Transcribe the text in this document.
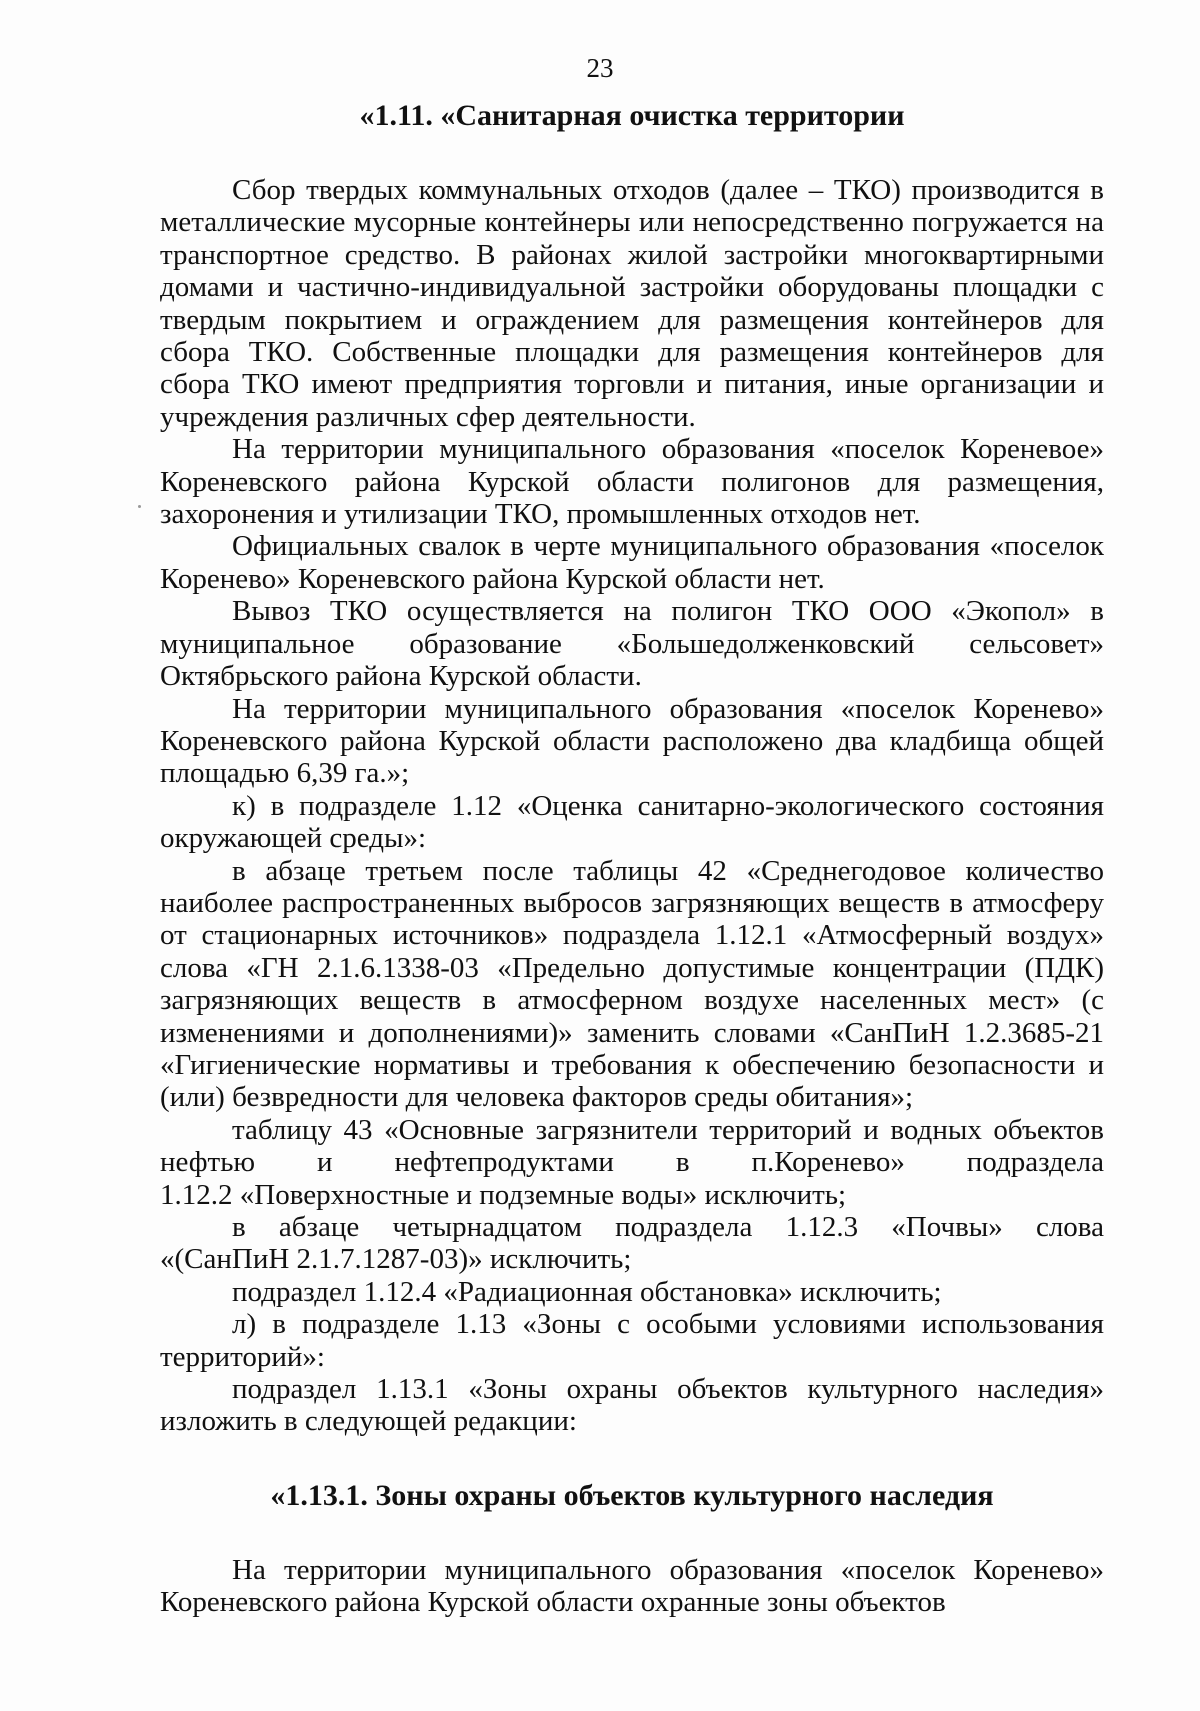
23
«1.11. «Санитарная очистка территории
Сбор твердых коммунальных отходов (далее – ТКО) производится в
металлические мусорные контейнеры или непосредственно погружается на
транспортное средство. В районах жилой застройки многоквартирными
домами и частично-индивидуальной застройки оборудованы площадки с
твердым покрытием и ограждением для размещения контейнеров для
сбора ТКО. Собственные площадки для размещения контейнеров для
сбора ТКО имеют предприятия торговли и питания, иные организации и
учреждения различных сфер деятельности.
На территории муниципального образования «поселок Кореневое»
Кореневского района Курской области полигонов для размещения,
захоронения и утилизации ТКО, промышленных отходов нет.
Официальных свалок в черте муниципального образования «поселок
Коренево» Кореневского района Курской области нет.
Вывоз ТКО осуществляется на полигон ТКО ООО «Экопол» в
муниципальное образование «Большедолженковский сельсовет»
Октябрьского района Курской области.
На территории муниципального образования «поселок Коренево»
Кореневского района Курской области расположено два кладбища общей
площадью 6,39 га.»;
к) в подразделе 1.12 «Оценка санитарно-экологического состояния
окружающей среды»:
в абзаце третьем после таблицы 42 «Среднегодовое количество
наиболее распространенных выбросов загрязняющих веществ в атмосферу
от стационарных источников» подраздела 1.12.1 «Атмосферный воздух»
слова «ГН 2.1.6.1338-03 «Предельно допустимые концентрации (ПДК)
загрязняющих веществ в атмосферном воздухе населенных мест» (с
изменениями и дополнениями)» заменить словами «СанПиН 1.2.3685-21
«Гигиенические нормативы и требования к обеспечению безопасности и
(или) безвредности для человека факторов среды обитания»;
таблицу 43 «Основные загрязнители территорий и водных объектов
нефтью и нефтепродуктами в п.Коренево» подраздела
1.12.2 «Поверхностные и подземные воды» исключить;
в абзаце четырнадцатом подраздела 1.12.3 «Почвы» слова
«(СанПиН 2.1.7.1287-03)» исключить;
подраздел 1.12.4 «Радиационная обстановка» исключить;
л) в подразделе 1.13 «Зоны с особыми условиями использования
территорий»:
подраздел 1.13.1 «Зоны охраны объектов культурного наследия»
изложить в следующей редакции:
«1.13.1. Зоны охраны объектов культурного наследия
На территории муниципального образования «поселок Коренево»
Кореневского района Курской области охранные зоны объектов
